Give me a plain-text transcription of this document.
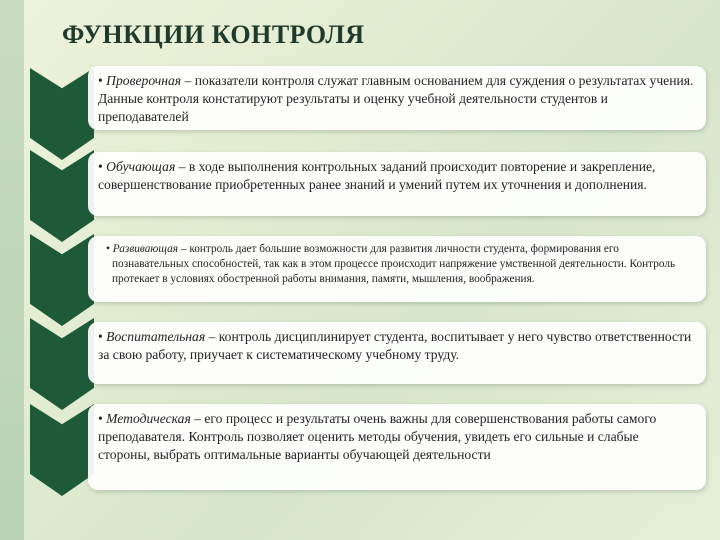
ФУНКЦИИ КОНТРОЛЯ

• Проверочная – показатели контроля служат главным основанием для суждения о результатах учения. Данные контроля констатируют результаты и оценку учебной деятельности студентов и преподавателей

• Обучающая – в ходе выполнения контрольных заданий происходит повторение и закрепление, совершенствование приобретенных ранее знаний и умений путем их уточнения и дополнения.

• Развивающая – контроль дает большие возможности для развития личности студента, формирования его познавательных способностей, так как в этом процессе происходит напряжение умственной деятельности. Контроль протекает в условиях обостренной работы внимания, памяти, мышления, воображения.

• Воспитательная – контроль дисциплинирует студента, воспитывает у него чувство ответственности за свою работу, приучает к систематическому учебному труду.

• Методическая – его процесс и результаты очень важны для совершенствования работы самого преподавателя. Контроль позволяет оценить методы обучения, увидеть его сильные и слабые стороны, выбрать оптимальные варианты обучающей деятельности
